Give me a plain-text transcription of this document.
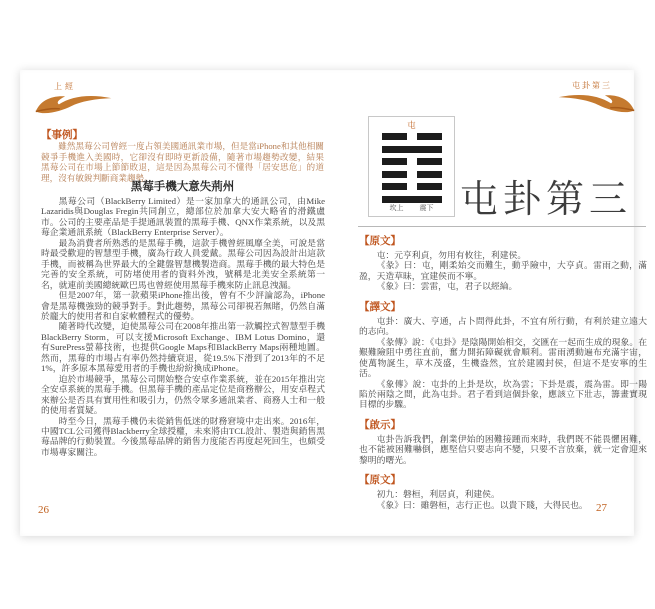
上經
【事例】

雖然黑莓公司曾經一度占領美國通訊業市場，但是當iPhone和其他相關競爭手機進入美國時，它卻沒有即時更新設備，隨著市場趨勢改變，結果黑莓公司在市場上節節敗退，這是因為黑莓公司不懂得「居安思危」的道理，沒有敏銳判斷商業趨勢。

黑莓手機大意失荊州

黑莓公司（BlackBerry Limited）是一家加拿大的通訊公司，由Mike Lazaridis與Douglas Fregin共同創立，總部位於加拿大安大略省的滑鐵盧市。公司的主要產品是手提通訊裝置的黑莓手機、QNX作業系統，以及黑莓企業通訊系統（BlackBerry Enterprise Server）。

最為消費者所熟悉的是黑莓手機，這款手機曾經風靡全美，可說是當時最受歡迎的智慧型手機，廣為行政人員愛戴。黑莓公司因為設計出這款手機，而被稱為世界最大的全鍵盤智慧機製造商。黑莓手機的最大特色是完善的安全系統，可防堵使用者的資料外洩，號稱是北美安全系統第一名，就連前美國總統歐巴馬也曾經使用黑莓手機來防止訊息洩漏。

但是2007年，第一款蘋果iPhone推出後，曾有不少評論認為，iPhone會是黑莓機強勁的競爭對手。對此趨勢，黑莓公司卻視若無睹，仍然自滿於龐大的使用者和自家軟體程式的優勢。

隨著時代改變，迫使黑莓公司在2008年推出第一款觸控式智慧型手機BlackBerry Storm，可以支援Microsoft Exchange、IBM Lotus Domino，還有SurePress螢幕技術，也提供Google Maps和BlackBerry Maps兩種地圖。然而，黑莓的市場占有率仍然持續衰退，從19.5%下滑到了2013年的不足1%，許多原本黑莓愛用者的手機也紛紛換成iPhone。

迫於市場競爭，黑莓公司開始整合安卓作業系統，並在2015年推出完全安卓系統的黑莓手機。但黑莓手機的產品定位是商務辦公，用安卓程式來辦公是否具有實用性和吸引力，仍然令眾多通訊業者、商務人士和一般的使用者質疑。

時至今日，黑莓手機仍未從銷售低迷的財務窘境中走出來。2016年，中國TCL公司獲得Blackberry全球授權，未來將由TCL設計、製造與銷售黑莓品牌的行動裝置。今後黑莓品牌的銷售力度能否再度起死回生，也頗受市場專家關注。

26
屯卦第三
屯
坎上 震下 屯卦第三
【原文】

屯：元亨利貞，勿用有攸往，利建侯。

《彖》曰：屯，剛柔始交而難生，動乎險中，大亨貞。雷雨之動，滿盈，天造草昧，宜建侯而不寧。

《象》曰：雲雷，屯，君子以經綸。

【譯文】

屯卦：廣大、亨通，占卜問得此卦，不宜有所行動，有利於建立遠大的志向。

《彖傳》說：《屯卦》是陰陽開始相交，交匯在一起而生成的現象。在艱難險阻中勇往直前，奮力開拓障礙就會順利。雷雨湧動遍布充滿宇宙，使萬物誕生，草木茂盛，生機盎然，宜於建國封侯，但這不是安寧的生活。

《象傳》說：屯卦的上卦是坎，坎為雲；下卦是震，震為雷。即一陽陷於兩陰之間，此為屯卦。君子看到這個卦象，應該立下壯志，籌畫實現目標的步驟。

【啟示】

屯卦告訴我們，創業伊始的困難接踵而來時，我們既不能畏懼困難，也不能被困難嚇倒，應堅信只要志向不變，只要不言放棄，就一定會迎來黎明的曙光。

【原文】

初九：磐桓，利居貞，利建侯。

《象》曰：雖磐桓，志行正也。以貴下賤，大得民也。 27
